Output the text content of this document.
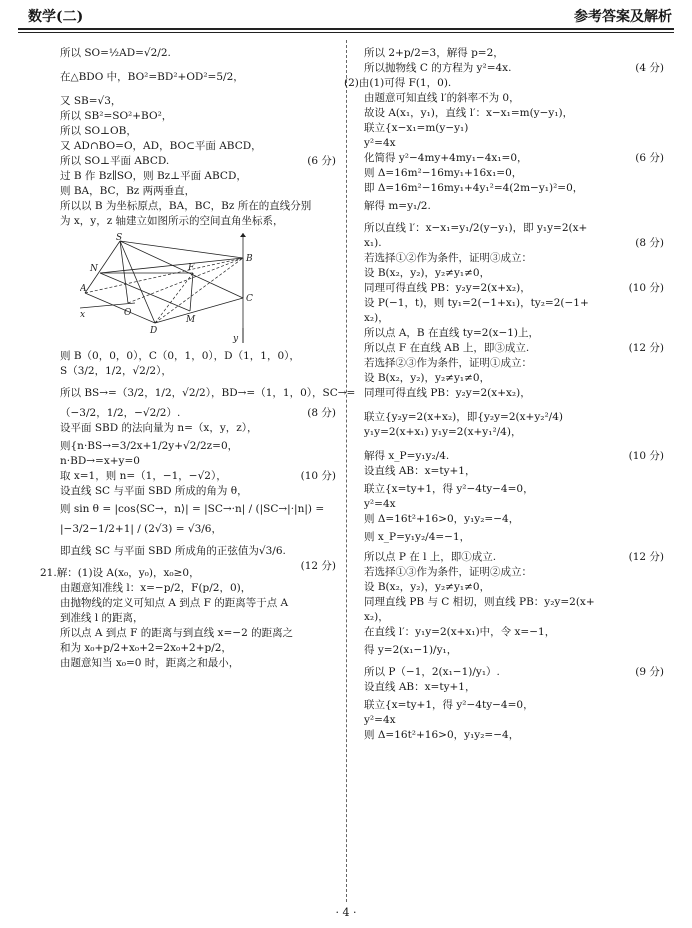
数学(二)	参考答案及解析
所以 SO=½AD=√2/2.
在△BDO 中，BO²=BD²+OD²=5/2，
又 SB=√3，
所以 SB²=SO²+BO²，
所以 SO⊥OB，
又 AD∩BO=O，AD，BO⊂平面 ABCD，
所以 SO⊥平面 ABCD.	(6 分)
过 B 作 Bz∥SO，则 Bz⊥平面 ABCD，
则 BA，BC，Bz 两两垂直，
所以以 B 为坐标原点，BA，BC，Bz 所在的直线分别
为 x，y，z 轴建立如图所示的空间直角坐标系，
S
N	F
B
A
O
D
M
C
x
y
则 B（0，0，0），C（0，1，0），D（1，1，0），
S（3/2，1/2，√2/2），
所以 BS→=（3/2，1/2，√2/2），BD→=（1，1，0），SC→=
（−3/2，1/2，−√2/2）.	(8 分)
设平面 SBD 的法向量为 n=（x，y，z），
则{n·BS→=3/2x+1/2y+√2/2z=0，
n·BD→=x+y=0
取 x=1，则 n=（1，−1，−√2），	(10 分)
设直线 SC 与平面 SBD 所成的角为 θ，
则 sin θ = |cos⟨SC→，n⟩| = |SC→·n| / (|SC→|·|n|) =
|−3/2−1/2+1| / (2√3) = √3/6，
即直线 SC 与平面 SBD 所成角的正弦值为√3/6.
(12 分)
21.解：(1)设 A(x₀，y₀)，x₀≥0，
由题意知准线 l：x=−p/2，F(p/2，0)，
由抛物线的定义可知点 A 到点 F 的距离等于点 A
到准线 l 的距离，
所以点 A 到点 F 的距离与到直线 x=−2 的距离之
和为 x₀+p/2+x₀+2=2x₀+2+p/2，
由题意知当 x₀=0 时，距离之和最小，
所以 2+p/2=3，解得 p=2，
所以抛物线 C 的方程为 y²=4x.	(4 分)
(2)由(1)可得 F(1，0).
由题意可知直线 l′的斜率不为 0，
故设 A(x₁，y₁)，直线 l′：x−x₁=m(y−y₁)，
联立{x−x₁=m(y−y₁)
y²=4x
化简得 y²−4my+4my₁−4x₁=0，	(6 分)
则 Δ=16m²−16my₁+16x₁=0，
即 Δ=16m²−16my₁+4y₁²=4(2m−y₁)²=0，
解得 m=y₁/2.
所以直线 l′：x−x₁=y₁/2(y−y₁)，即 y₁y=2(x+
x₁).	(8 分)
若选择①②作为条件，证明③成立：
设 B(x₂，y₂)，y₂≠y₁≠0，
同理可得直线 PB：y₂y=2(x+x₂)，	(10 分)
设 P(−1，t)，则 ty₁=2(−1+x₁)，ty₂=2(−1+
x₂)，
所以点 A，B 在直线 ty=2(x−1)上，
所以点 F 在直线 AB 上，即③成立.	(12 分)
若选择②③作为条件，证明①成立：
设 B(x₂，y₂)，y₂≠y₁≠0，
同理可得直线 PB：y₂y=2(x+x₂)，
联立{y₂y=2(x+x₂)，即{y₂y=2(x+y₂²/4)
y₁y=2(x+x₁) y₁y=2(x+y₁²/4)，
解得 x_P=y₁y₂/4.	(10 分)
设直线 AB：x=ty+1，
联立{x=ty+1，得 y²−4ty−4=0，
y²=4x
则 Δ=16t²+16>0，y₁y₂=−4，
则 x_P=y₁y₂/4=−1，
所以点 P 在 l 上，即①成立.	(12 分)
若选择①③作为条件，证明②成立：
设 B(x₂，y₂)，y₂≠y₁≠0，
同理直线 PB 与 C 相切，则直线 PB：y₂y=2(x+
x₂)，
在直线 l′：y₁y=2(x+x₁)中，令 x=−1，
得 y=2(x₁−1)/y₁，
所以 P（−1，2(x₁−1)/y₁）.	(9 分)
设直线 AB：x=ty+1，
联立{x=ty+1，得 y²−4ty−4=0，
y²=4x
则 Δ=16t²+16>0，y₁y₂=−4，
· 4 ·
